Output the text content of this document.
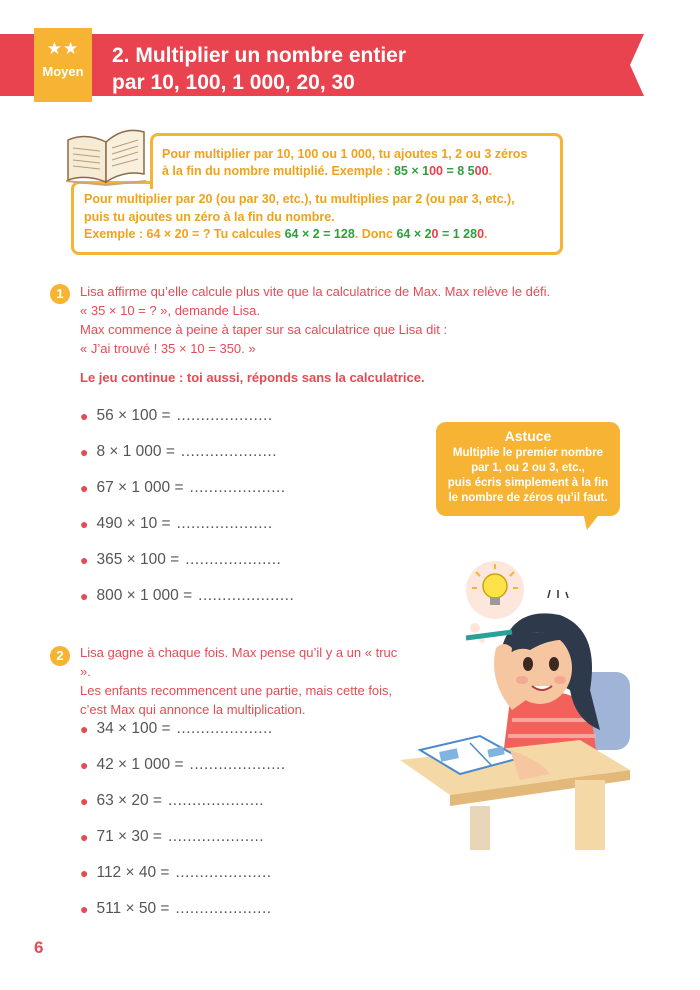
★★
Moyen
2. Multiplier un nombre entier
par 10, 100, 1 000, 20, 30
Pour multiplier par 10, 100 ou 1 000, tu ajoutes 1, 2 ou 3 zéros
à la fin du nombre multiplié. Exemple : 85 × 100 = 8 500.
Pour multiplier par 20 (ou par 30, etc.), tu multiplies par 2 (ou par 3, etc.),
puis tu ajoutes un zéro à la fin du nombre.
Exemple : 64 × 20 = ? Tu calcules 64 × 2 = 128. Donc 64 × 20 = 1 280.
1	Lisa affirme qu’elle calcule plus vite que la calculatrice de Max. Max relève le défi.
« 35 × 10 = ? », demande Lisa.
Max commence à peine à taper sur sa calculatrice que Lisa dit :
« J’ai trouvé ! 35 × 10 = 350. »
Le jeu continue : toi aussi, réponds sans la calculatrice.
● 56 × 100 = ....................
● 8 × 1 000 = ....................
● 67 × 1 000 = ....................
● 490 × 10 = ....................
● 365 × 100 = ....................
● 800 × 1 000 = ....................
Astuce
Multiplie le premier nombre
par 1, ou 2 ou 3, etc.,
puis écris simplement à la fin
le nombre de zéros qu’il faut.
2	Lisa gagne à chaque fois. Max pense qu’il y a un « truc ».
Les enfants recommencent une partie, mais cette fois,
c’est Max qui annonce la multiplication.
● 34 × 100 = ....................
● 42 × 1 000 = ....................
● 63 × 20 = ....................
● 71 × 30 = ....................
● 112 × 40 = ....................
● 511 × 50 = ....................
6
